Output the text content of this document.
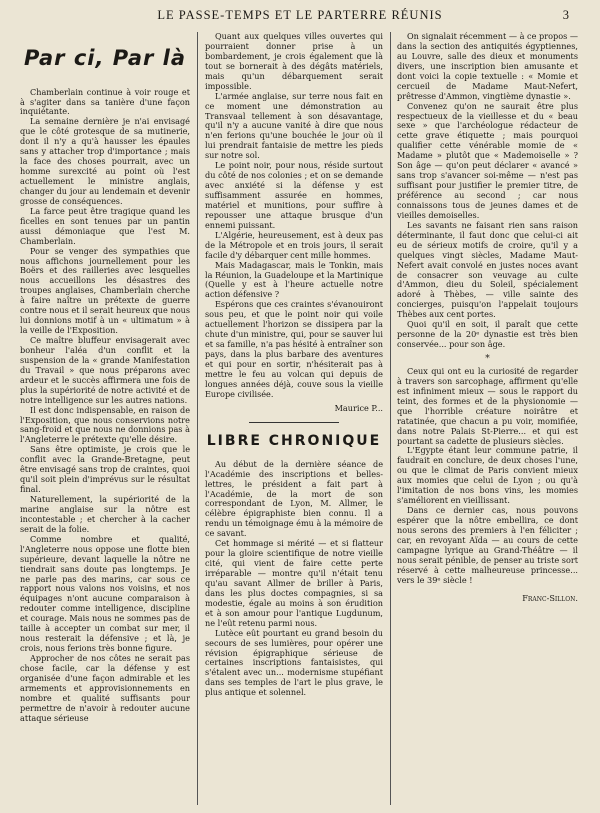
LE PASSE-TEMPS ET LE PARTERRE RÉUNIS	3
Par ci, Par là

Chamberlain continue à voir rouge et à s'agiter dans sa tanière d'une façon inquiétante.

La semaine dernière je n'ai envisagé que le côté grotesque de sa mutinerie, dont il n'y a qu'à hausser les épaules sans y attacher trop d'importance ; mais la face des choses pourrait, avec un homme surexcité au point où l'est actuellement le ministre anglais, changer du jour au lendemain et devenir grosse de conséquences.

La farce peut être tragique quand les ficelles en sont tenues par un pantin aussi démoniaque que l'est M. Chamberlain.

Pour se venger des sympathies que nous affichons journellement pour les Boërs et des railleries avec lesquelles nous accueillons les désastres des troupes anglaises, Chamberlain cherche à faire naître un prétexte de guerre contre nous et il serait heureux que nous lui donnions motif à un « ultimatum » à la veille de l'Exposition.

Ce maître bluffeur envisagerait avec bonheur l'aléa d'un conflit et la suspension de la « grande Manifestation du Travail » que nous préparons avec ardeur et le succès affirmera une fois de plus la supériorité de notre activité et de notre intelligence sur les autres nations.

Il est donc indispensable, en raison de l'Exposition, que nous conservions notre sang-froid et que nous ne donnions pas à l'Angleterre le prétexte qu'elle désire.

Sans être optimiste, je crois que le conflit avec la Grande-Bretagne, peut être envisagé sans trop de craintes, quoi qu'il soit plein d'imprévus sur le résultat final.

Naturellement, la supériorité de la marine anglaise sur la nôtre est incontestable ; et chercher à la cacher serait de la folie.

Comme nombre et qualité, l'Angleterre nous oppose une flotte bien supérieure, devant laquelle la nôtre ne tiendrait sans doute pas longtemps. Je ne parle pas des marins, car sous ce rapport nous valons nos voisins, et nos équipages n'ont aucune comparaison à redouter comme intelligence, discipline et courage. Mais nous ne sommes pas de taille à accepter un combat sur mer, il nous resterait la défensive ; et là, je crois, nous ferions très bonne figure.

Approcher de nos côtes ne serait pas chose facile, car la défense y est organisée d'une façon admirable et les armements et approvisionnements en nombre et qualité suffisants pour permettre de n'avoir à redouter aucune attaque sérieuse

Quant aux quelques villes ouvertes qui pourraient donner prise à un bombardement, je crois également que là tout se bornerait à des dégâts matériels, mais qu'un débarquement serait impossible.

L'armée anglaise, sur terre nous fait en ce moment une démonstration au Transvaal tellement à son désavantage, qu'il n'y a aucune vanité à dire que nous n'en ferions qu'une bouchée le jour où il lui prendrait fantaisie de mettre les pieds sur notre sol.

Le point noir, pour nous, réside surtout du côté de nos colonies ; et on se demande avec anxiété si la défense y est suffisamment assurée en hommes, matériel et munitions, pour suffire à repousser une attaque brusque d'un ennemi puissant.

L'Algérie, heureusement, est à deux pas de la Métropole et en trois jours, il serait facile d'y débarquer cent mille hommes.

Mais Madagascar, mais le Tonkin, mais la Réunion, la Guadeloupe et la Martinique (Quelle y est à l'heure actuelle notre action défensive ?

Espérons que ces craintes s'évanouiront sous peu, et que le point noir qui voile actuellement l'horizon se dissipera par la chute d'un ministre, qui, pour se sauver lui et sa famille, n'a pas hésité à entraîner son pays, dans la plus barbare des aventures et qui pour en sortir, n'hésiterait pas à mettre le feu au volcan qui depuis de longues années déjà, couve sous la vieille Europe civilisée.

Maurice P...
LIBRE CHRONIQUE

Au début de la dernière séance de l'Académie des inscriptions et belles-lettres, le président a fait part à l'Académie, de la mort de son correspondant de Lyon, M. Allmer, le célèbre épigraphiste bien connu. Il a rendu un témoignage ému à la mémoire de ce savant.

Cet hommage si mérité — et si flatteur pour la gloire scientifique de notre vieille cité, qui vient de faire cette perte irréparable — montre qu'il n'était tenu qu'au savant Allmer de briller à Paris, dans les plus doctes compagnies, si sa modestie, égale au moins à son érudition et à son amour pour l'antique Lugdunum, ne l'eût retenu parmi nous.

Lutèce eût pourtant eu grand besoin du secours de ses lumières, pour opérer une révision épigraphique sérieuse de certaines inscriptions fantaisistes, qui s'étalent avec un... modernisme stupéfiant dans ses temples de l'art le plus grave, le plus antique et solennel.

On signalait récemment — à ce propos — dans la section des antiquités égyptiennes, au Louvre, salle des dieux et monuments divers, une inscription bien amusante et dont voici la copie textuelle : « Momie et cercueil de Madame Maut-Nefert, prêtresse d'Ammon, vingtième dynastie ».

Convenez qu'on ne saurait être plus respectueux de la vieillesse et du « beau sexe » que l'archéologue rédacteur de cette grave étiquette ; mais pourquoi qualifier cette vénérable momie de « Madame » plutôt que « Mademoiselle » ? Son âge — qu'on peut déclarer « avancé » sans trop s'avancer soi-même — n'est pas suffisant pour justifier le premier titre, de préférence au second ; car nous connaissons tous de jeunes dames et de vieilles demoiselles.

Les savants ne faisant rien sans raison déterminante, il faut donc que celui-ci ait eu de sérieux motifs de croire, qu'il y a quelques vingt siècles, Madame Maut-Nefert avait convolé en justes noces avant de consacrer son veuvage au culte d'Ammon, dieu du Soleil, spécialement adoré à Thèbes, — ville sainte des concierges, puisqu'on l'appelait toujours Thèbes aux cent portes.

Quoi qu'il en soit, il paraît que cette personne de la 20ᵉ dynastie est très bien conservée... pour son âge.

*

Ceux qui ont eu la curiosité de regarder à travers son sarcophage, affirment qu'elle est infiniment mieux — sous le rapport du teint, des formes et de la physionomie — que l'horrible créature noirâtre et ratatinée, que chacun a pu voir, momifiée, dans notre Palais St-Pierre... et qui est pourtant sa cadette de plusieurs siècles.

L'Egypte étant leur commune patrie, il faudrait en conclure, de deux choses l'une, ou que le climat de Paris convient mieux aux momies que celui de Lyon ; ou qu'à l'imitation de nos bons vins, les momies s'améliorent en vieillissant.

Dans ce dernier cas, nous pouvons espérer que la nôtre embellira, ce dont nous serons des premiers à l'en féliciter ; car, en revoyant Aïda — au cours de cette campagne lyrique au Grand-Théâtre — il nous serait pénible, de penser au triste sort réservé à cette malheureuse princesse... vers le 39ᵉ siècle !

Franc-Sillon.
